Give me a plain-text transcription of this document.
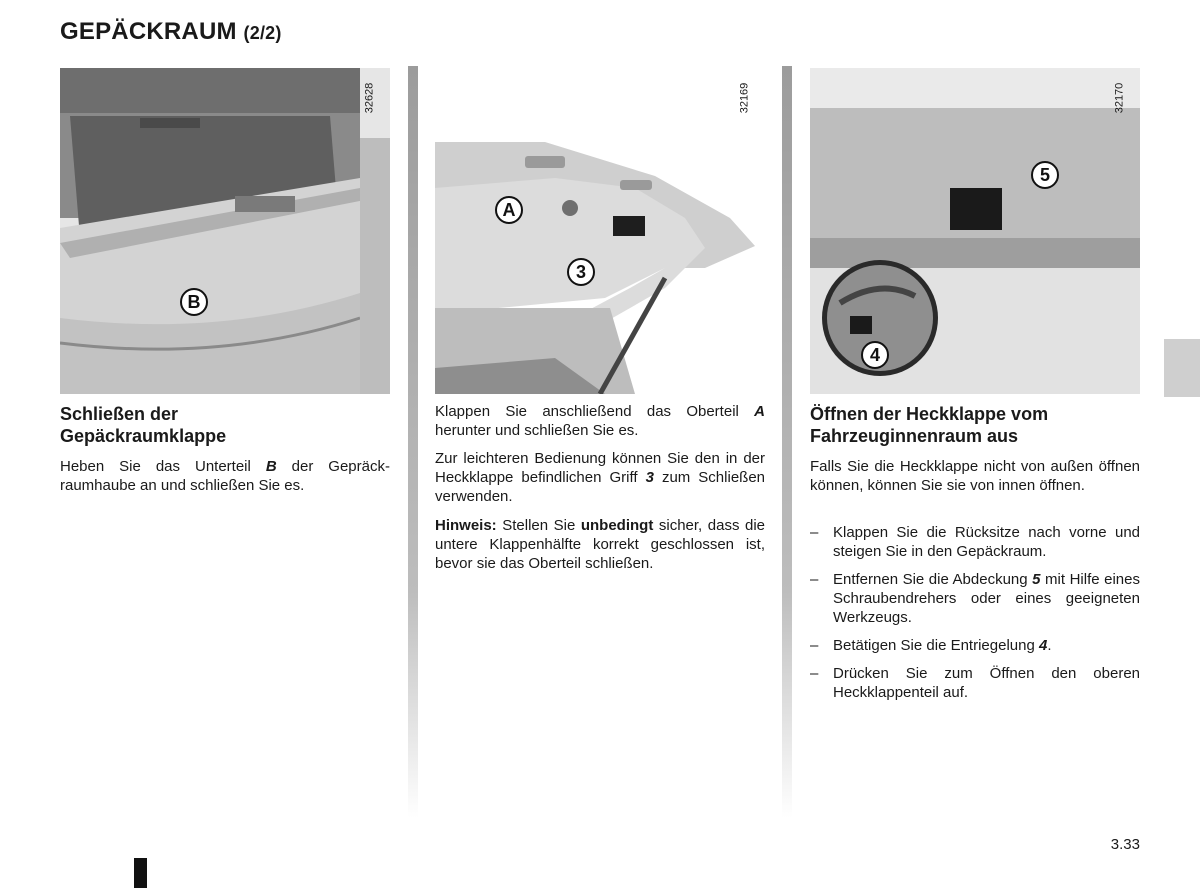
GEPÄCKRAUM (2/2)
32628
B
32169
A
3
32170
5
4
Schließen der
Gepäckraumklappe
Heben Sie das Unterteil B der Gepräckraumhaube an und schließen Sie es.
Klappen Sie anschließend das Oberteil A herunter und schließen Sie es.
Zur leichteren Bedienung können Sie den in der Heckklappe befindlichen Griff 3 zum Schließen verwenden.
Hinweis: Stellen Sie unbedingt sicher, dass die untere Klappenhälfte korrekt geschlossen ist, bevor sie das Oberteil schließen.
Öffnen der Heckklappe vom
Fahrzeuginnenraum aus
Falls Sie die Heckklappe nicht von außen öffnen können, können Sie sie von innen öffnen.
– Klappen Sie die Rücksitze nach vorne und steigen Sie in den Gepäckraum.
– Entfernen Sie die Abdeckung 5 mit Hilfe eines Schraubendrehers oder eines geeigneten Werkzeugs.
– Betätigen Sie die Entriegelung 4.
– Drücken Sie zum Öffnen den oberen Heckklappenteil auf.
3.33
